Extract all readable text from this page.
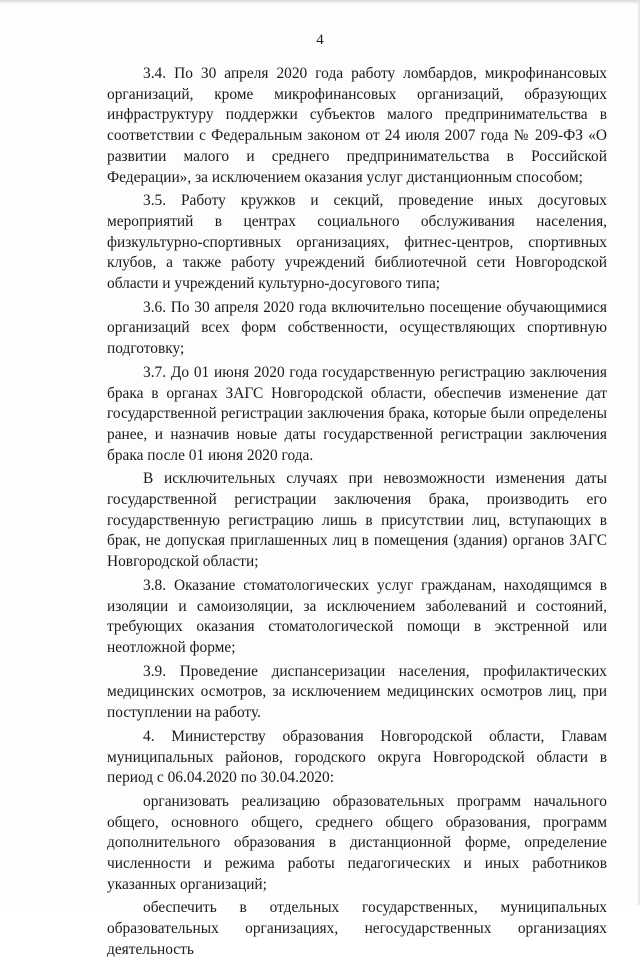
4

3.4. По 30 апреля 2020 года работу ломбардов, микрофинансовых организаций, кроме микрофинансовых организаций, образующих инфраструктуру поддержки субъектов малого предпринимательства в соответствии с Федеральным законом от 24 июля 2007 года № 209-ФЗ «О развитии малого и среднего предпринимательства в Российской Федерации», за исключением оказания услуг дистанционным способом;

3.5. Работу кружков и секций, проведение иных досуговых мероприятий в центрах социального обслуживания населения, физкультурно-спортивных организациях, фитнес-центров, спортивных клубов, а также работу учреждений библиотечной сети Новгородской области и учреждений культурно-досугового типа;

3.6. По 30 апреля 2020 года включительно посещение обучающимися организаций всех форм собственности, осуществляющих спортивную подготовку;

3.7. До 01 июня 2020 года государственную регистрацию заключения брака в органах ЗАГС Новгородской области, обеспечив изменение дат государственной регистрации заключения брака, которые были определены ранее, и назначив новые даты государственной регистрации заключения брака после 01 июня 2020 года.

В исключительных случаях при невозможности изменения даты государственной регистрации заключения брака, производить его государственную регистрацию лишь в присутствии лиц, вступающих в брак, не допуская приглашенных лиц в помещения (здания) органов ЗАГС Новгородской области;

3.8. Оказание стоматологических услуг гражданам, находящимся в изоляции и самоизоляции, за исключением заболеваний и состояний, требующих оказания стоматологической помощи в экстренной или неотложной форме;

3.9. Проведение диспансеризации населения, профилактических медицинских осмотров, за исключением медицинских осмотров лиц, при поступлении на работу.

4. Министерству образования Новгородской области, Главам муниципальных районов, городского округа Новгородской области в период с 06.04.2020 по 30.04.2020:

организовать реализацию образовательных программ начального общего, основного общего, среднего общего образования, программ дополнительного образования в дистанционной форме, определение численности и режима работы педагогических и иных работников указанных организаций;

обеспечить в отдельных государственных, муниципальных образовательных организациях, негосударственных организациях деятельность
